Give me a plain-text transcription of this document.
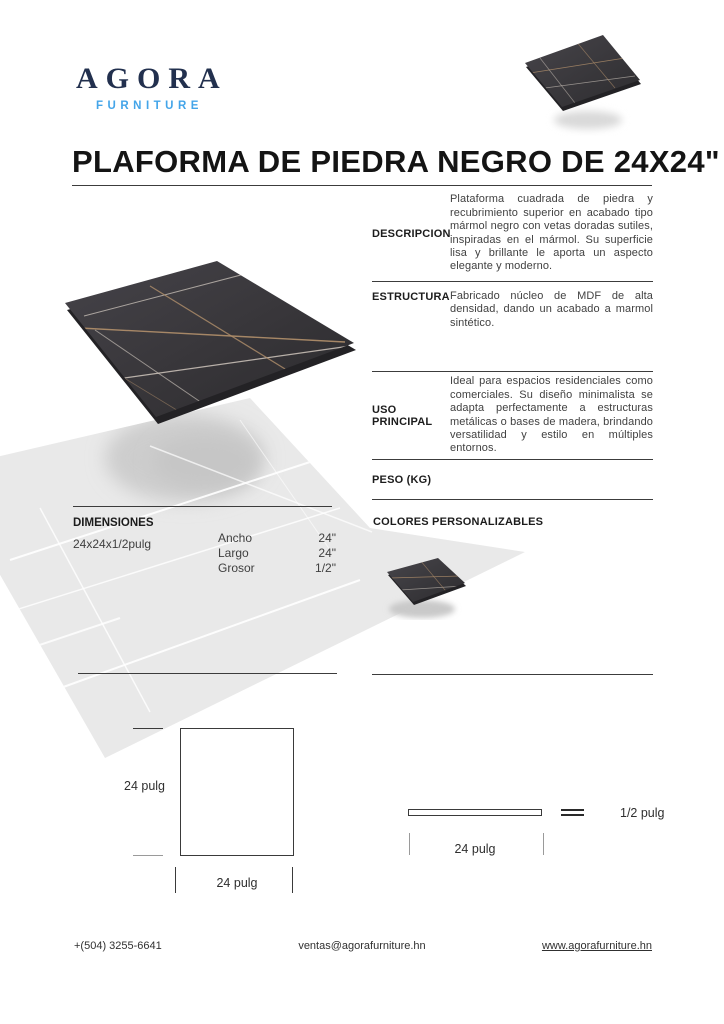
AGORA
FURNITURE
PLAFORMA DE PIEDRA NEGRO DE 24X24"
DESCRIPCION
Plataforma cuadrada de piedra y recubrimiento superior en acabado tipo mármol negro con vetas doradas sutiles, inspiradas en el mármol. Su superficie lisa y brillante le aporta un aspecto elegante y moderno.
ESTRUCTURA Fabricado núcleo de MDF de alta densidad, dando un acabado a marmol sintético.
USO PRINCIPAL
Ideal para espacios residenciales como comerciales. Su diseño minimalista se adapta perfectamente a estructuras metálicas o bases de madera, brindando versatilidad y estilo en múltiples entornos.
PESO (KG)
COLORES PERSONALIZABLES
DIMENSIONES
24x24x1/2pulg	Ancho	24"
Largo	24"
Grosor	1/2"
24 pulg
24 pulg
1/2 pulg
24 pulg
+(504) 3255-6641	ventas@agorafurniture.hn	www.agorafurniture.hn
